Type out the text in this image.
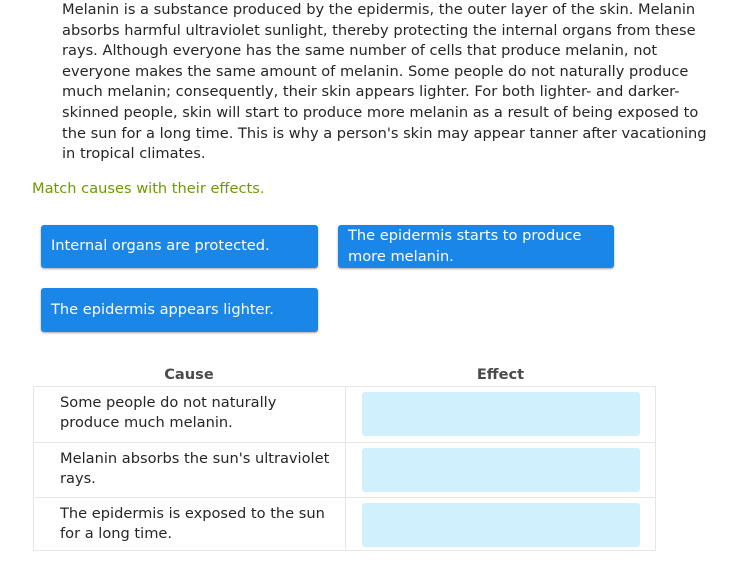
Melanin is a substance produced by the epidermis, the outer layer of the skin. Melanin absorbs harmful ultraviolet sunlight, thereby protecting the internal organs from these rays. Although everyone has the same number of cells that produce melanin, not everyone makes the same amount of melanin. Some people do not naturally produce much melanin; consequently, their skin appears lighter. For both lighter- and darker-skinned people, skin will start to produce more melanin as a result of being exposed to the sun for a long time. This is why a person's skin may appear tanner after vacationing in tropical climates.

Match causes with their effects.
Internal organs are protected.
The epidermis starts to produce more melanin.
The epidermis appears lighter.
Cause	Effect
Some people do not naturally produce much melanin.
Melanin absorbs the sun's ultraviolet rays.
The epidermis is exposed to the sun for a long time.
